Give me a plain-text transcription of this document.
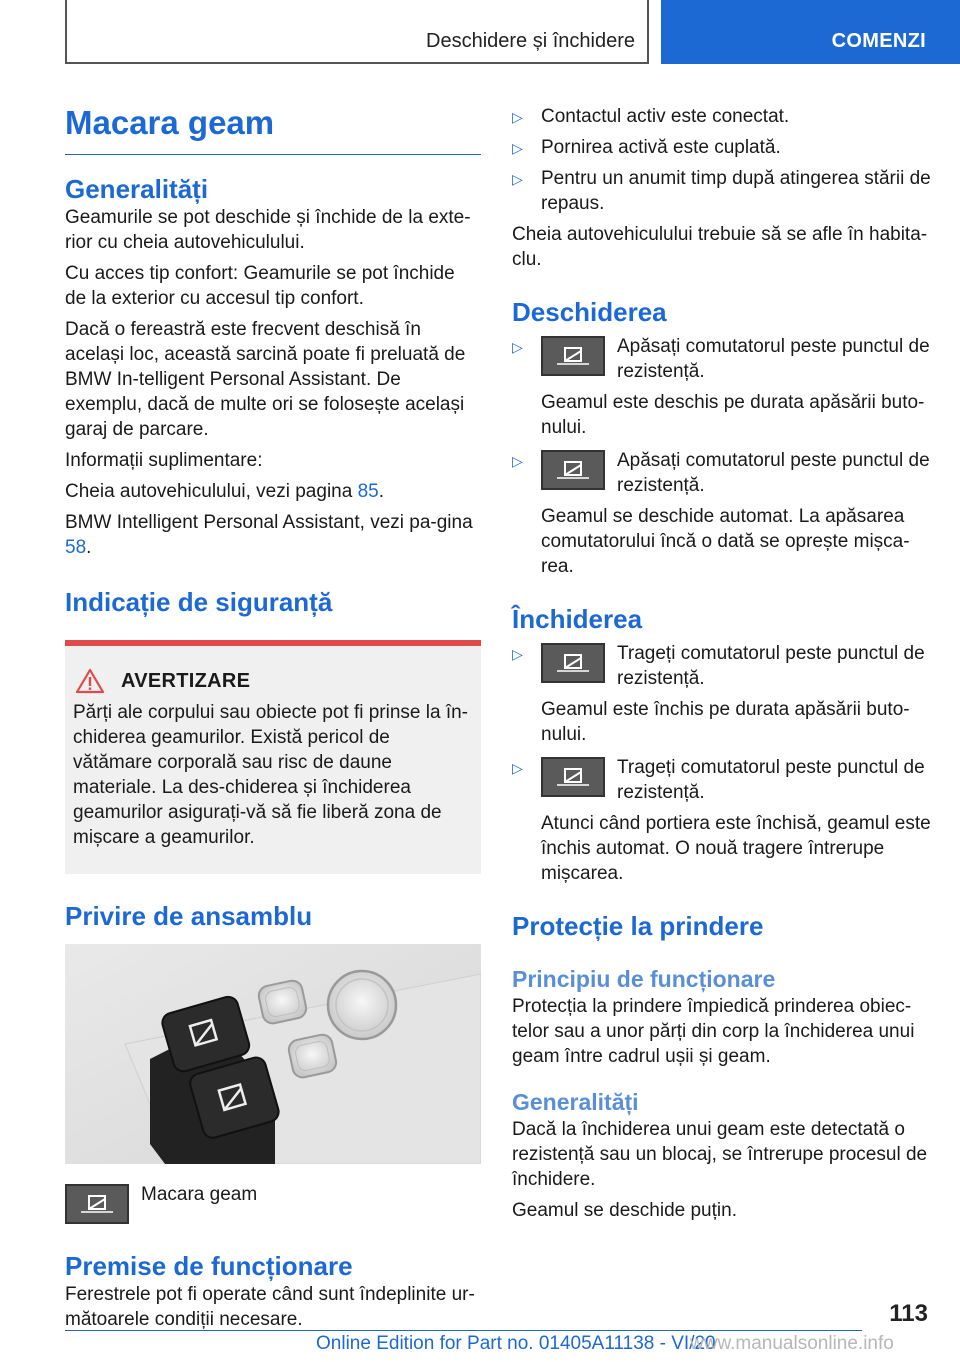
Deschidere și închidere	COMENZI
Macara geam
Generalități

Geamurile se pot deschide și închide de la exte-rior cu cheia autovehiculului.

Cu acces tip confort: Geamurile se pot închide de la exterior cu accesul tip confort.

Dacă o fereastră este frecvent deschisă în același loc, această sarcină poate fi preluată de BMW In-telligent Personal Assistant. De exemplu, dacă de multe ori se folosește același garaj de parcare.

Informații suplimentare:

Cheia autovehiculului, vezi pagina 85.

BMW Intelligent Personal Assistant, vezi pa-gina 58.

Indicație de siguranță
AVERTIZARE

Părți ale corpului sau obiecte pot fi prinse la în-chiderea geamurilor. Există pericol de vătămare corporală sau risc de daune materiale. La des-chiderea și închiderea geamurilor asigurați-vă să fie liberă zona de mișcare a geamurilor.

Privire de ansamblu
Macara geam
Premise de funcționare

Ferestrele pot fi operate când sunt îndeplinite ur-mătoarele condiții necesare.

▷ Contactul activ este conectat.
▷ Pornirea activă este cuplată.
▷ Pentru un anumit timp după atingerea stării de repaus.

Cheia autovehiculului trebuie să se afle în habita-clu.

Deschiderea
▷	Apăsați comutatorul peste punctul de rezistență.
Geamul este deschis pe durata apăsării buto-nului.
▷	Apăsați comutatorul peste punctul de rezistență.
Geamul se deschide automat. La apăsarea comutatorului încă o dată se oprește mișca-rea.
Închiderea
▷	Trageți comutatorul peste punctul de rezistență.
Geamul este închis pe durata apăsării buto-nului.
▷	Trageți comutatorul peste punctul de rezistență.
Atunci când portiera este închisă, geamul este închis automat. O nouă tragere întrerupe mișcarea.
Protecție la prindere
Principiu de funcționare

Protecția la prindere împiedică prinderea obiec-telor sau a unor părți din corp la închiderea unui geam între cadrul ușii și geam.

Generalități

Dacă la închiderea unui geam este detectată o rezistență sau un blocaj, se întrerupe procesul de închidere.

Geamul se deschide puțin.

113
Online Edition for Part no. 01405A11138 - VI/20
www.manualsonline.info
